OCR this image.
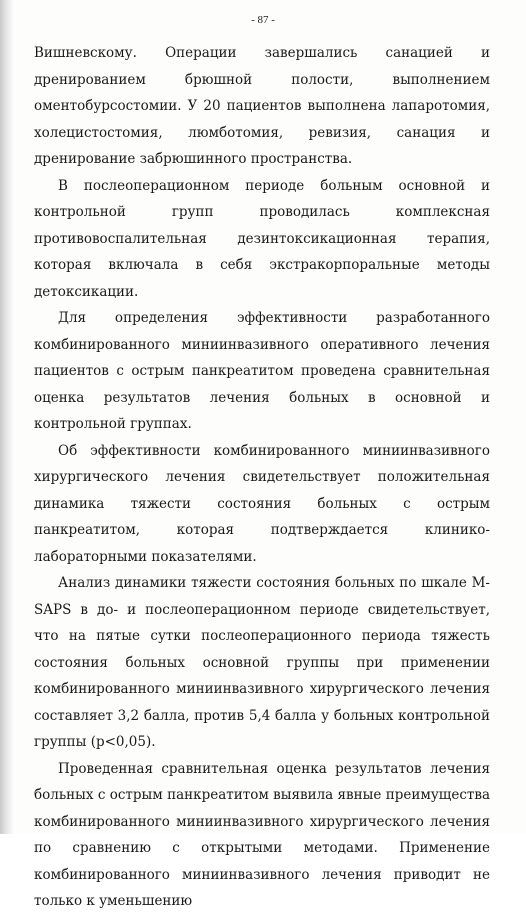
- 87 -

Вишневскому. Операции завершались санацией и дренированием брюшной полости, выполнением оментобурсостомии. У 20 пациентов выполнена лапаротомия, холецистостомия, люмботомия, ревизия, санация и дренирование забрюшинного пространства.

В послеоперационном периоде больным основной и контрольной групп проводилась комплексная противовоспалительная дезинтоксикационная терапия, которая включала в себя экстракорпоральные методы детоксикации.

Для определения эффективности разработанного комбинированного миниинвазивного оперативного лечения пациентов с острым панкреатитом проведена сравнительная оценка результатов лечения больных в основной и контрольной группах.

Об эффективности комбинированного миниинвазивного хирургического лечения свидетельствует положительная динамика тяжести состояния больных с острым панкреатитом, которая подтверждается клинико-лабораторными показателями.

Анализ динамики тяжести состояния больных по шкале M-SAPS в до- и послеоперационном периоде свидетельствует, что на пятые сутки послеоперационного периода тяжесть состояния больных основной группы при применении комбинированного миниинвазивного хирургического лечения составляет 3,2 балла, против 5,4 балла у больных контрольной группы (p<0,05).

Проведенная сравнительная оценка результатов лечения больных с острым панкреатитом выявила явные преимущества комбинированного миниинвазивного хирургического лечения по сравнению с открытыми методами. Применение комбинированного миниинвазивного лечения приводит не только к уменьшению
